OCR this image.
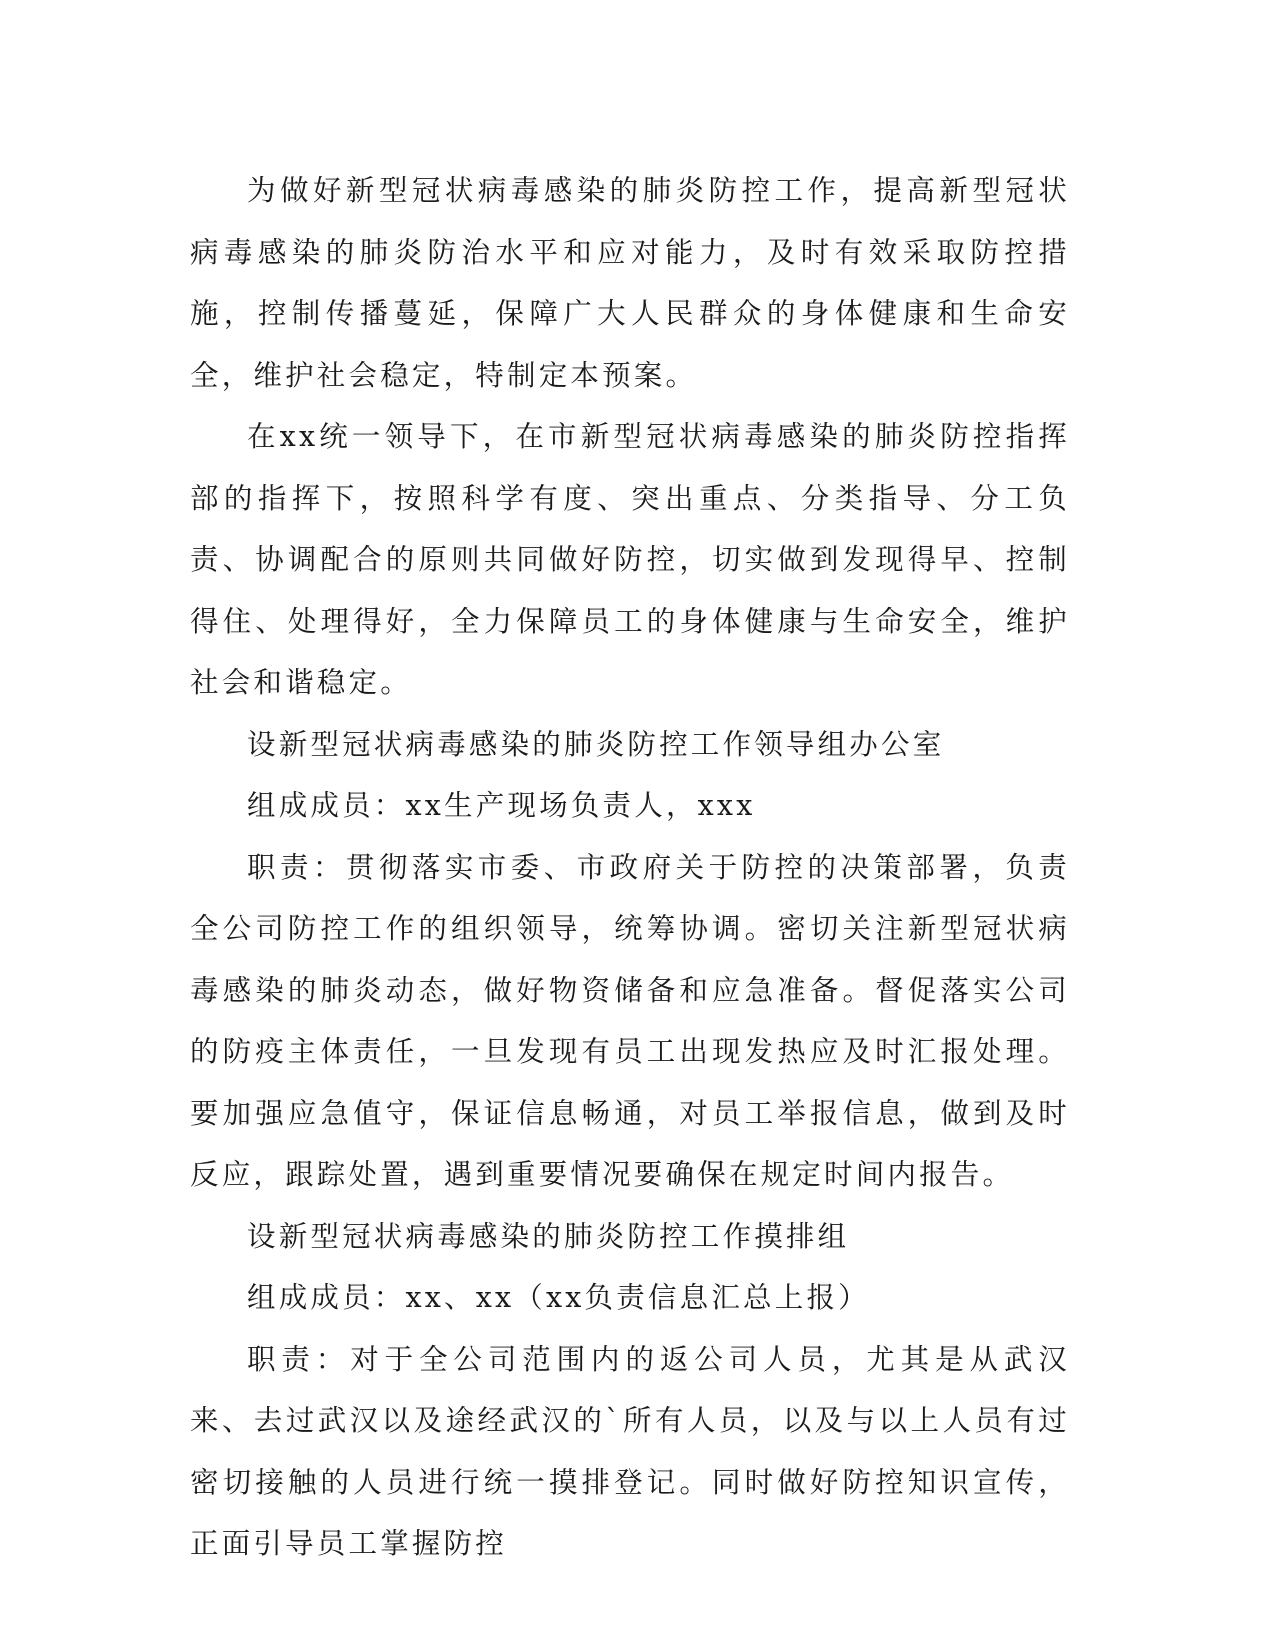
为做好新型冠状病毒感染的肺炎防控工作，提高新型冠状病毒感染的肺炎防治水平和应对能力，及时有效采取防控措施，控制传播蔓延，保障广大人民群众的身体健康和生命安全，维护社会稳定，特制定本预案。

在xx统一领导下，在市新型冠状病毒感染的肺炎防控指挥部的指挥下，按照科学有度、突出重点、分类指导、分工负责、协调配合的原则共同做好防控，切实做到发现得早、控制得住、处理得好，全力保障员工的身体健康与生命安全，维护社会和谐稳定。

设新型冠状病毒感染的肺炎防控工作领导组办公室

组成成员：xx生产现场负责人，xxx

职责：贯彻落实市委、市政府关于防控的决策部署，负责全公司防控工作的组织领导，统筹协调。密切关注新型冠状病毒感染的肺炎动态，做好物资储备和应急准备。督促落实公司的防疫主体责任，一旦发现有员工出现发热应及时汇报处理。要加强应急值守，保证信息畅通，对员工举报信息，做到及时反应，跟踪处置，遇到重要情况要确保在规定时间内报告。

设新型冠状病毒感染的肺炎防控工作摸排组

组成成员：xx、xx（xx负责信息汇总上报）

职责：对于全公司范围内的返公司人员，尤其是从武汉来、去过武汉以及途经武汉的`所有人员，以及与以上人员有过密切接触的人员进行统一摸排登记。同时做好防控知识宣传，正面引导员工掌握防控
